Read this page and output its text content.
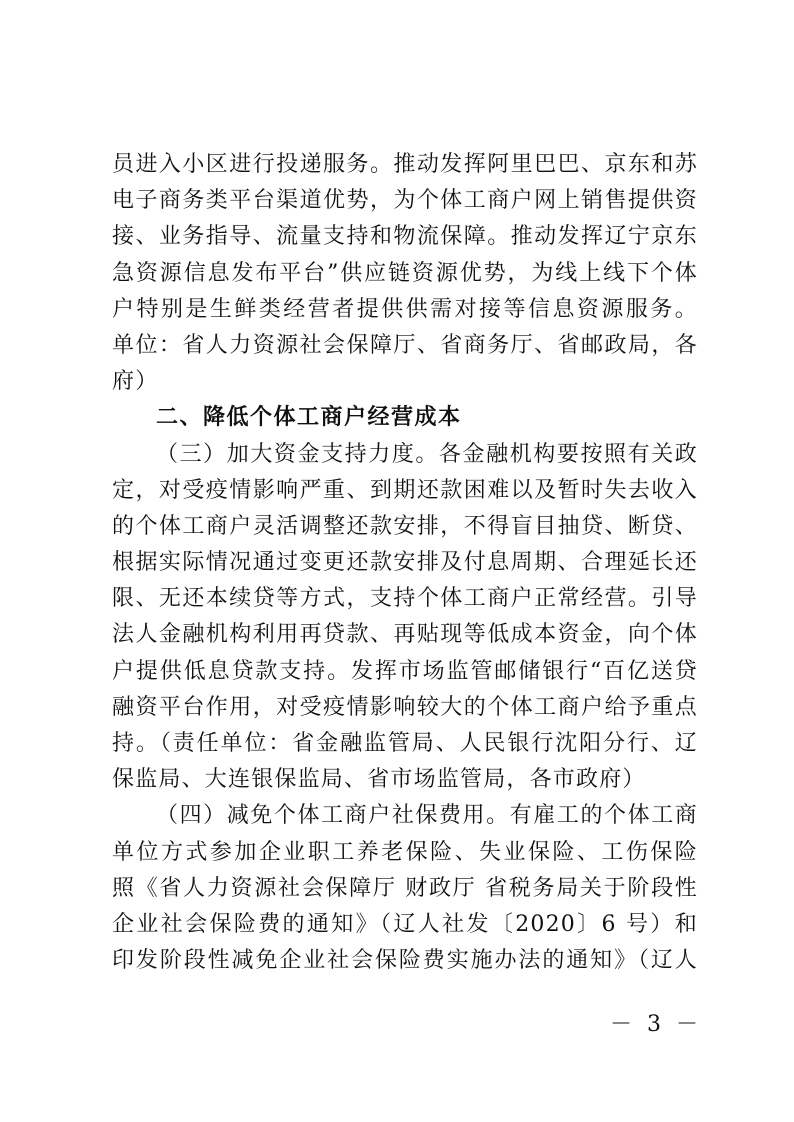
员进入小区进行投递服务。推动发挥阿里巴巴、京东和苏
电子商务类平台渠道优势，为个体工商户网上销售提供资
接、业务指导、流量支持和物流保障。推动发挥辽宁京东
急资源信息发布平台”供应链资源优势，为线上线下个体
户特别是生鲜类经营者提供供需对接等信息资源服务。
单位：省人力资源社会保障厅、省商务厅、省邮政局，各
府）
二、降低个体工商户经营成本
（三）加大资金支持力度。各金融机构要按照有关政
定，对受疫情影响严重、到期还款困难以及暂时失去收入
的个体工商户灵活调整还款安排，不得盲目抽贷、断贷、
根据实际情况通过变更还款安排及付息周期、合理延长还
限、无还本续贷等方式，支持个体工商户正常经营。引导
法人金融机构利用再贷款、再贴现等低成本资金，向个体
户提供低息贷款支持。发挥市场监管邮储银行“百亿送贷
融资平台作用，对受疫情影响较大的个体工商户给予重点
持。（责任单位：省金融监管局、人民银行沈阳分行、辽
保监局、大连银保监局、省市场监管局，各市政府）
（四）减免个体工商户社保费用。有雇工的个体工商
单位方式参加企业职工养老保险、失业保险、工伤保险
照《省人力资源社会保障厅 财政厅 省税务局关于阶段性
企业社会保险费的通知》（辽人社发〔2020〕6 号）和
印发阶段性减免企业社会保险费实施办法的通知》（辽人
－ 3 －
